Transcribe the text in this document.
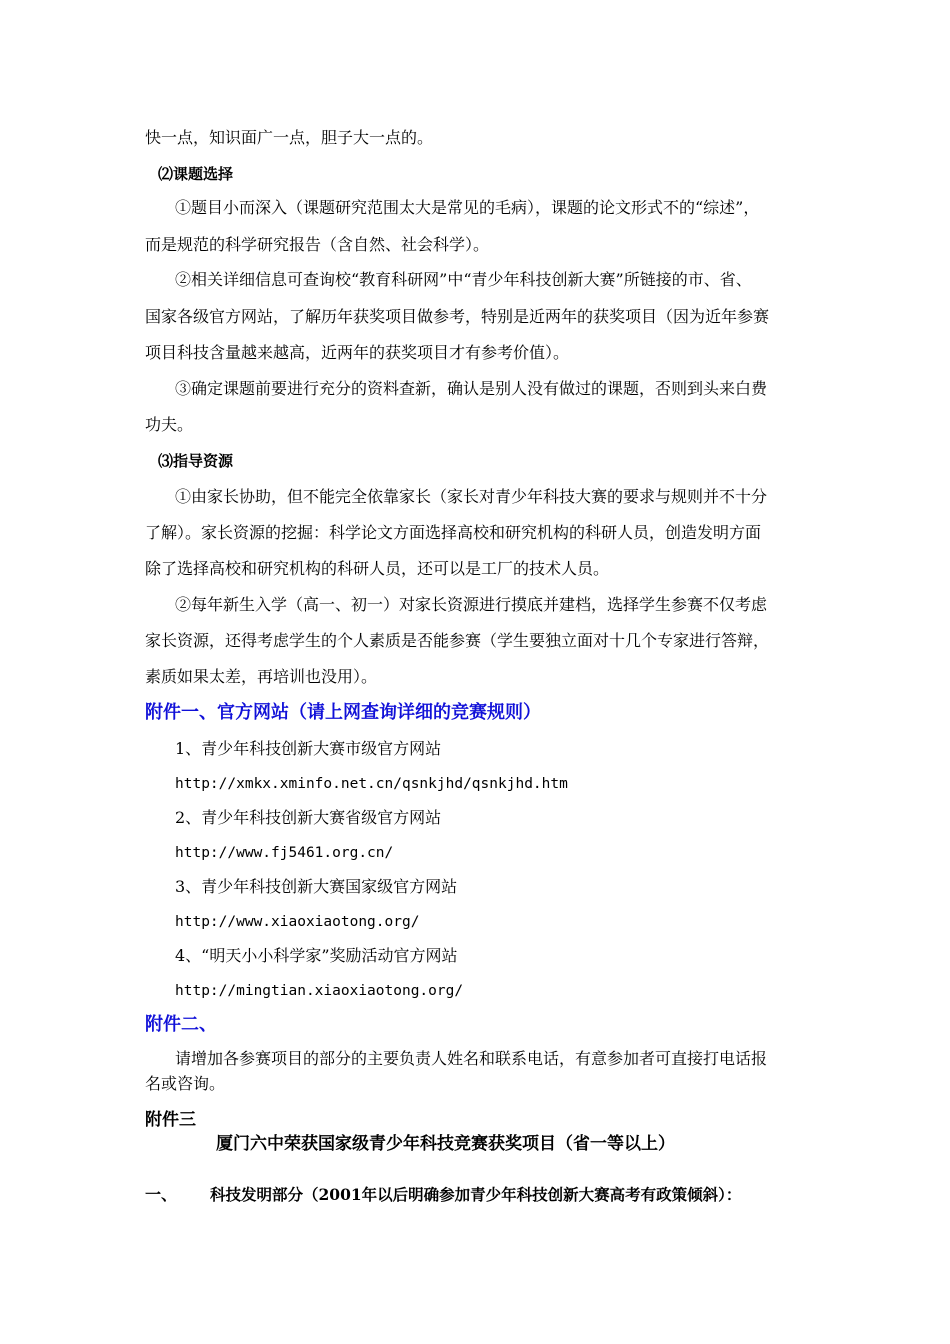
快一点，知识面广一点，胆子大一点的。
⑵课题选择
①题目小而深入（课题研究范围太大是常见的毛病），课题的论文形式不的“综述”，
而是规范的科学研究报告（含自然、社会科学）。
②相关详细信息可查询校“教育科研网”中“青少年科技创新大赛”所链接的市、省、
国家各级官方网站，了解历年获奖项目做参考，特别是近两年的获奖项目（因为近年参赛
项目科技含量越来越高，近两年的获奖项目才有参考价值）。
③确定课题前要进行充分的资料查新，确认是别人没有做过的课题，否则到头来白费
功夫。
⑶指导资源
①由家长协助，但不能完全依靠家长（家长对青少年科技大赛的要求与规则并不十分
了解）。家长资源的挖掘：科学论文方面选择高校和研究机构的科研人员，创造发明方面
除了选择高校和研究机构的科研人员，还可以是工厂的技术人员。
②每年新生入学（高一、初一）对家长资源进行摸底并建档，选择学生参赛不仅考虑
家长资源，还得考虑学生的个人素质是否能参赛（学生要独立面对十几个专家进行答辩，
素质如果太差，再培训也没用）。
附件一、官方网站（请上网查询详细的竞赛规则）
1、青少年科技创新大赛市级官方网站
http://xmkx.xminfo.net.cn/qsnkjhd/qsnkjhd.htm
2、青少年科技创新大赛省级官方网站
http://www.fj5461.org.cn/
3、青少年科技创新大赛国家级官方网站
http://www.xiaoxiaotong.org/
4、“明天小小科学家”奖励活动官方网站
http://mingtian.xiaoxiaotong.org/
附件二、
请增加各参赛项目的部分的主要负责人姓名和联系电话，有意参加者可直接打电话报
名或咨询。
附件三
厦门六中荣获国家级青少年科技竞赛获奖项目（省一等以上）
一、 科技发明部分（2001年以后明确参加青少年科技创新大赛高考有政策倾斜）：
